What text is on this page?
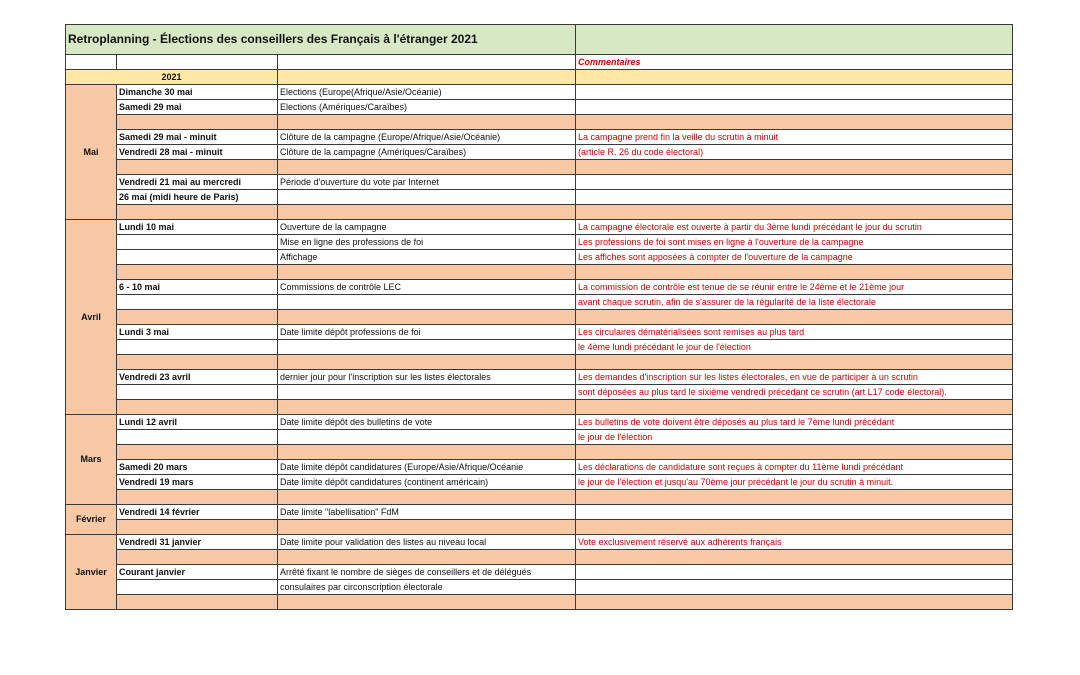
Retroplanning - Élections des conseillers des Français à l'étranger 2021			
			Commentaires
2021			
Mai	Dimanche 30 mai	Elections (Europe(Afrique/Asie/Océanie)	
	Samedi 29 mai	Elections (Amériques/Caraïbes)	

	Samedi 29 mai - minuit	Clôture de la campagne (Europe/Afrique/Asie/Océanie)	La campagne prend fin la veille du scrutin à minuit
	Vendredi 28 mai - minuit	Clôture de la campagne (Amériques/Caraïbes)	(article R. 26 du code électoral)

	Vendredi 21 mai au mercredi	Période d'ouverture du vote par Internet	
	26 mai (midi heure de Paris)		

Avril	Lundi 10 mai	Ouverture de la campagne	La campagne électorale est ouverte à partir du 3ème lundi précédant le jour du scrutin
		Mise en ligne des professions de foi	Les professions de foi sont mises en ligne à l'ouverture de la campagne
		Affichage	Les affiches sont apposées à compter de l'ouverture de la campagne

	6 - 10 mai	Commissions de contrôle LEC	La commission de contrôle est tenue de se réunir entre le 24ème et le 21ème jour
			avant chaque scrutin, afin de s'assurer de la régularité de la liste électorale

	Lundi 3 mai	Date limite dépôt professions de foi	Les circulaires dématérialisées sont remises au plus tard
			le 4ème lundi précédant le jour de l'élection

	Vendredi 23 avril	dernier jour pour l'inscription sur les listes électorales	Les demandes d'inscription sur les listes électorales, en vue de participer à un scrutin
			sont déposées au plus tard le sixième vendredi précédant ce scrutin (art L17 code électoral).

Mars	Lundi 12 avril	Date limite dépôt des bulletins de vote	Les bulletins de vote doivent être déposés au plus tard le 7ème lundi précédant
			le jour de l'élection

	Samedi 20 mars	Date limite dépôt candidatures (Europe/Asie/Afrique/Océanie	Les déclarations de candidature sont reçues à compter du 11ème lundi précédant
	Vendredi 19 mars	Date limite dépôt candidatures (continent américain)	le jour de l'élection et jusqu'au 70ème jour précédant le jour du scrutin à minuit.

Février	Vendredi 14 février	Date limite "labellisation" FdM	

Janvier	Vendredi 31 janvier	Date limite pour validation des listes au niveau local	Vote exclusivement réservé aux adhérents français

	Courant janvier	Arrêté fixant le nombre de sièges de conseillers et de délégués	
		consulaires par circonscription électorale	
